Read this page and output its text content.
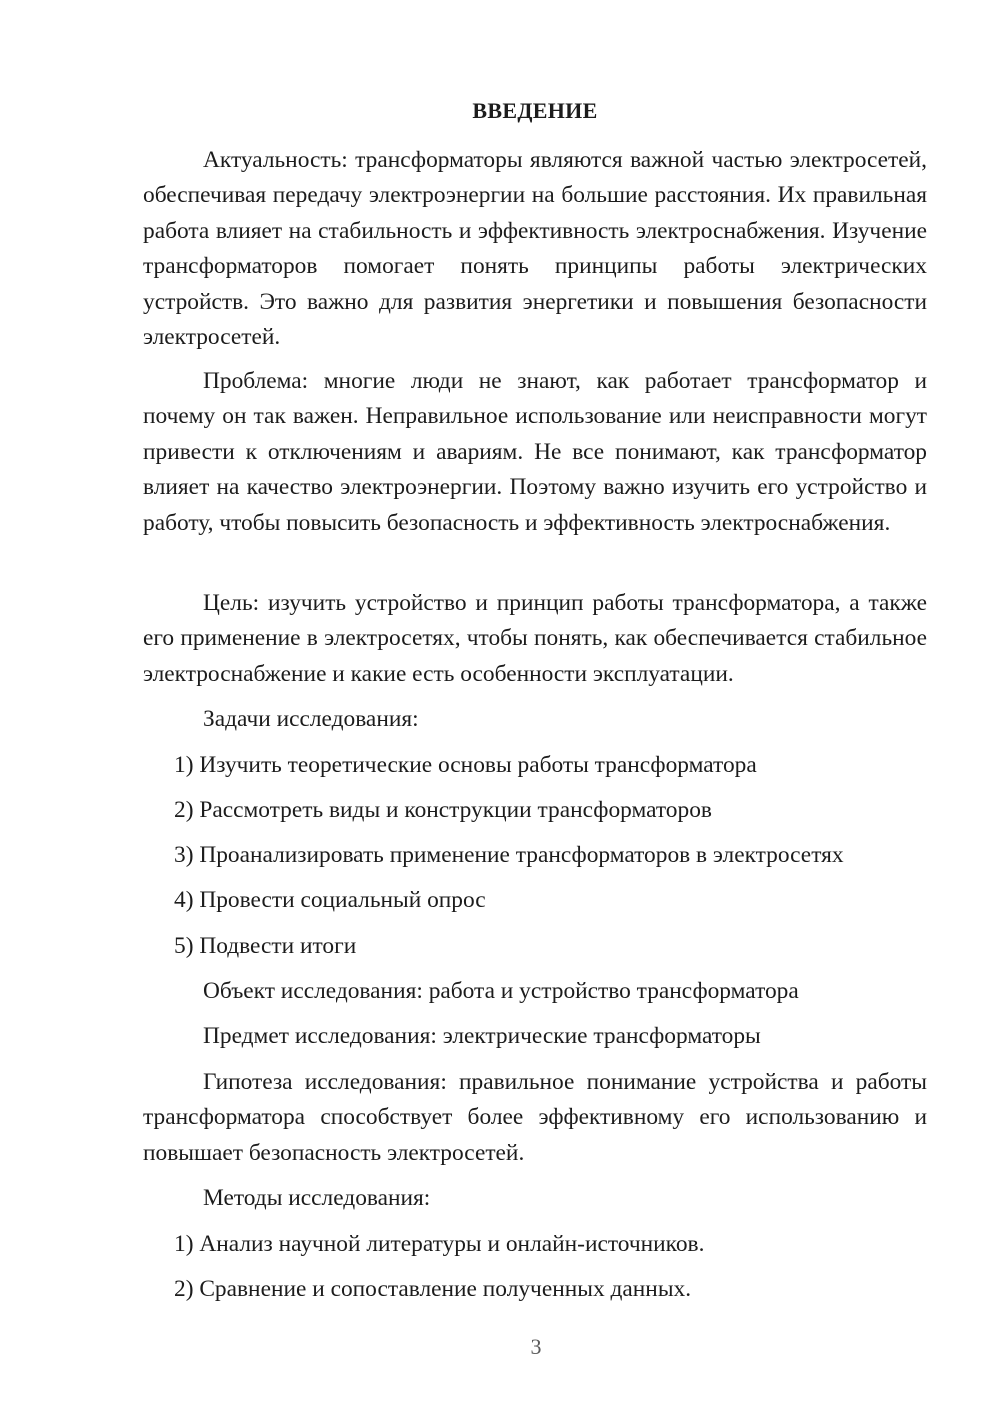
ВВЕДЕНИЕ

Актуальность: трансформаторы являются важной частью электросетей, обеспечивая передачу электроэнергии на большие расстояния. Их правильная работа влияет на стабильность и эффективность электроснабжения. Изучение трансформаторов помогает понять принципы работы электрических устройств. Это важно для развития энергетики и повышения безопасности электросетей.

Проблема: многие люди не знают, как работает трансформатор и почему он так важен. Неправильное использование или неисправности могут привести к отключениям и авариям. Не все понимают, как трансформатор влияет на качество электроэнергии. Поэтому важно изучить его устройство и работу, чтобы повысить безопасность и эффективность электроснабжения.

Цель: изучить устройство и принцип работы трансформатора, а также его применение в электросетях, чтобы понять, как обеспечивается стабильное электроснабжение и какие есть особенности эксплуатации.

Задачи исследования:

1) Изучить теоретические основы работы трансформатора

2) Рассмотреть виды и конструкции трансформаторов

3) Проанализировать применение трансформаторов в электросетях

4) Провести социальный опрос

5) Подвести итоги

Объект исследования: работа и устройство трансформатора

Предмет исследования: электрические трансформаторы

Гипотеза исследования: правильное понимание устройства и работы трансформатора способствует более эффективному его использованию и повышает безопасность электросетей.

Методы исследования:

1) Анализ научной литературы и онлайн-источников.

2) Сравнение и сопоставление полученных данных.

3
